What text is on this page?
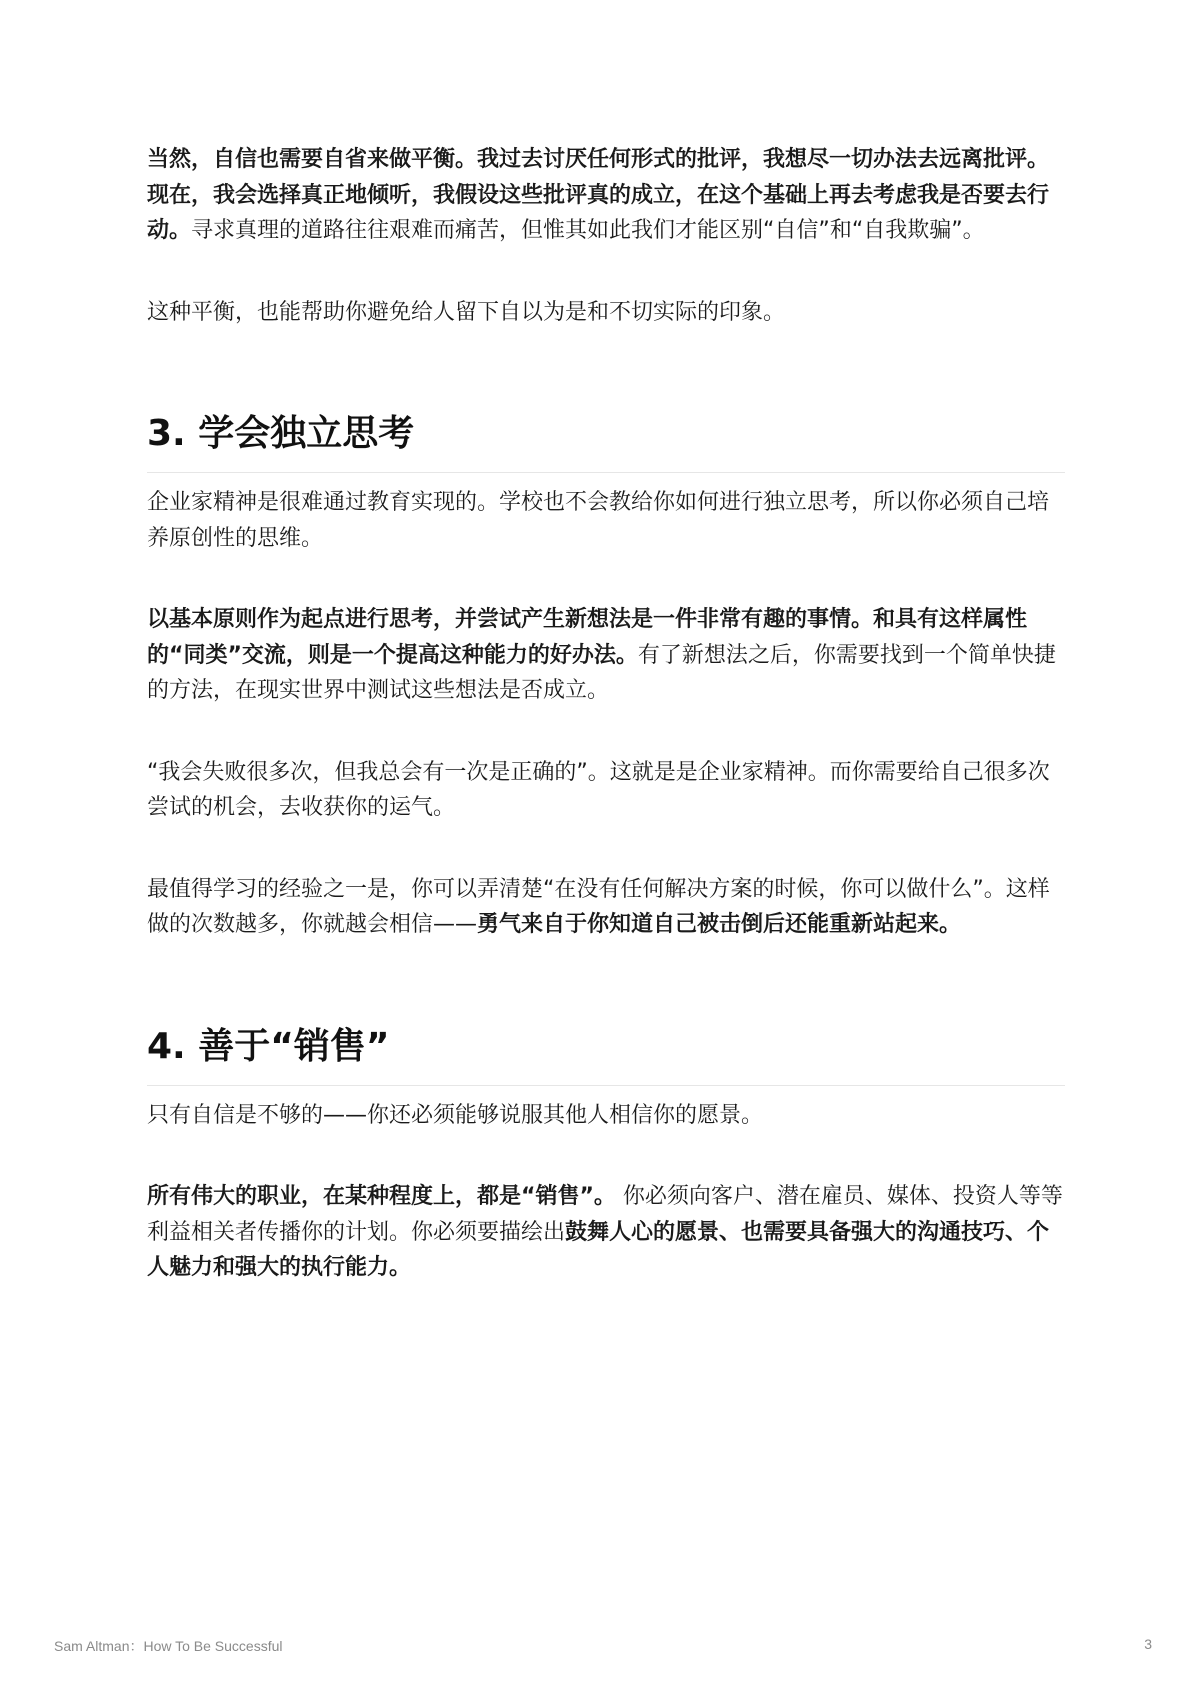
当然，自信也需要自省来做平衡。我过去讨厌任何形式的批评，我想尽一切办法去远离批评。现在，我会选择真正地倾听，我假设这些批评真的成立，在这个基础上再去考虑我是否要去行动。寻求真理的道路往往艰难而痛苦，但惟其如此我们才能区别“自信”和“自我欺骗”。

这种平衡，也能帮助你避免给人留下自以为是和不切实际的印象。

3. 学会独立思考

企业家精神是很难通过教育实现的。学校也不会教给你如何进行独立思考，所以你必须自己培养原创性的思维。

以基本原则作为起点进行思考，并尝试产生新想法是一件非常有趣的事情。和具有这样属性的“同类”交流，则是一个提高这种能力的好办法。有了新想法之后，你需要找到一个简单快捷的方法，在现实世界中测试这些想法是否成立。

“我会失败很多次，但我总会有一次是正确的”。这就是是企业家精神。而你需要给自己很多次尝试的机会，去收获你的运气。

最值得学习的经验之一是，你可以弄清楚“在没有任何解决方案的时候，你可以做什么”。这样做的次数越多，你就越会相信——勇气来自于你知道自己被击倒后还能重新站起来。

4. 善于“销售”

只有自信是不够的——你还必须能够说服其他人相信你的愿景。

所有伟大的职业，在某种程度上，都是“销售”。 你必须向客户、潜在雇员、媒体、投资人等等利益相关者传播你的计划。你必须要描绘出鼓舞人心的愿景、也需要具备强大的沟通技巧、个人魅力和强大的执行能力。

Sam Altman：How To Be Successful	3
